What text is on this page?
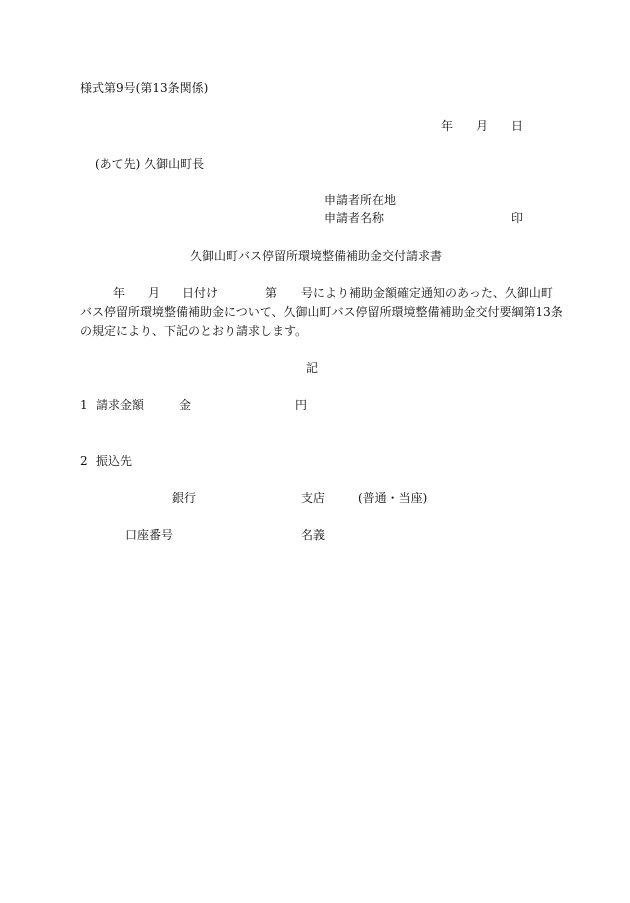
様式第9号(第13条関係)
年 月 日
(あて先) 久御山町長
申請者所在地
申請者名称	印
久御山町バス停留所環境整備補助金交付請求書
年 月 日付け	第 号により補助金額確定通知のあった、久御山町
バス停留所環境整備補助金について、久御山町バス停留所環境整備補助金交付要綱第13条
の規定により、下記のとおり請求します。
記
1 請求金額	金	円
2 振込先
銀行	支店	(普通・当座)
口座番号	名義
